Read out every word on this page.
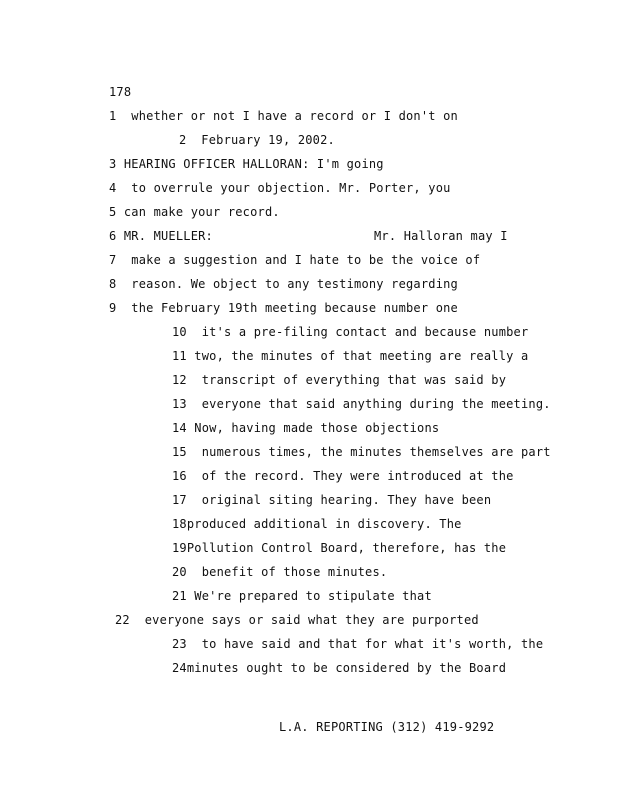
178
1 whether or not I have a record or I don't on
2 February 19, 2002.
3 HEARING OFFICER HALLORAN: I'm going
4 to overrule your objection. Mr. Porter, you
5 can make your record.
6 MR. MUELLER:	Mr. Halloran may I
7 make a suggestion and I hate to be the voice of
8 reason. We object to any testimony regarding
9 the February 19th meeting because number one
10 it's a pre-filing contact and because number
11 two, the minutes of that meeting are really a
12 transcript of everything that was said by
13 everyone that said anything during the meeting.
14 Now, having made those objections
15 numerous times, the minutes themselves are part
16 of the record. They were introduced at the
17 original siting hearing. They have been
18produced additional in discovery. The
19Pollution Control Board, therefore, has the
20 benefit of those minutes.
21 We're prepared to stipulate that
22 everyone says or said what they are purported
23 to have said and that for what it's worth, the
24minutes ought to be considered by the Board
L.A. REPORTING (312) 419-9292
